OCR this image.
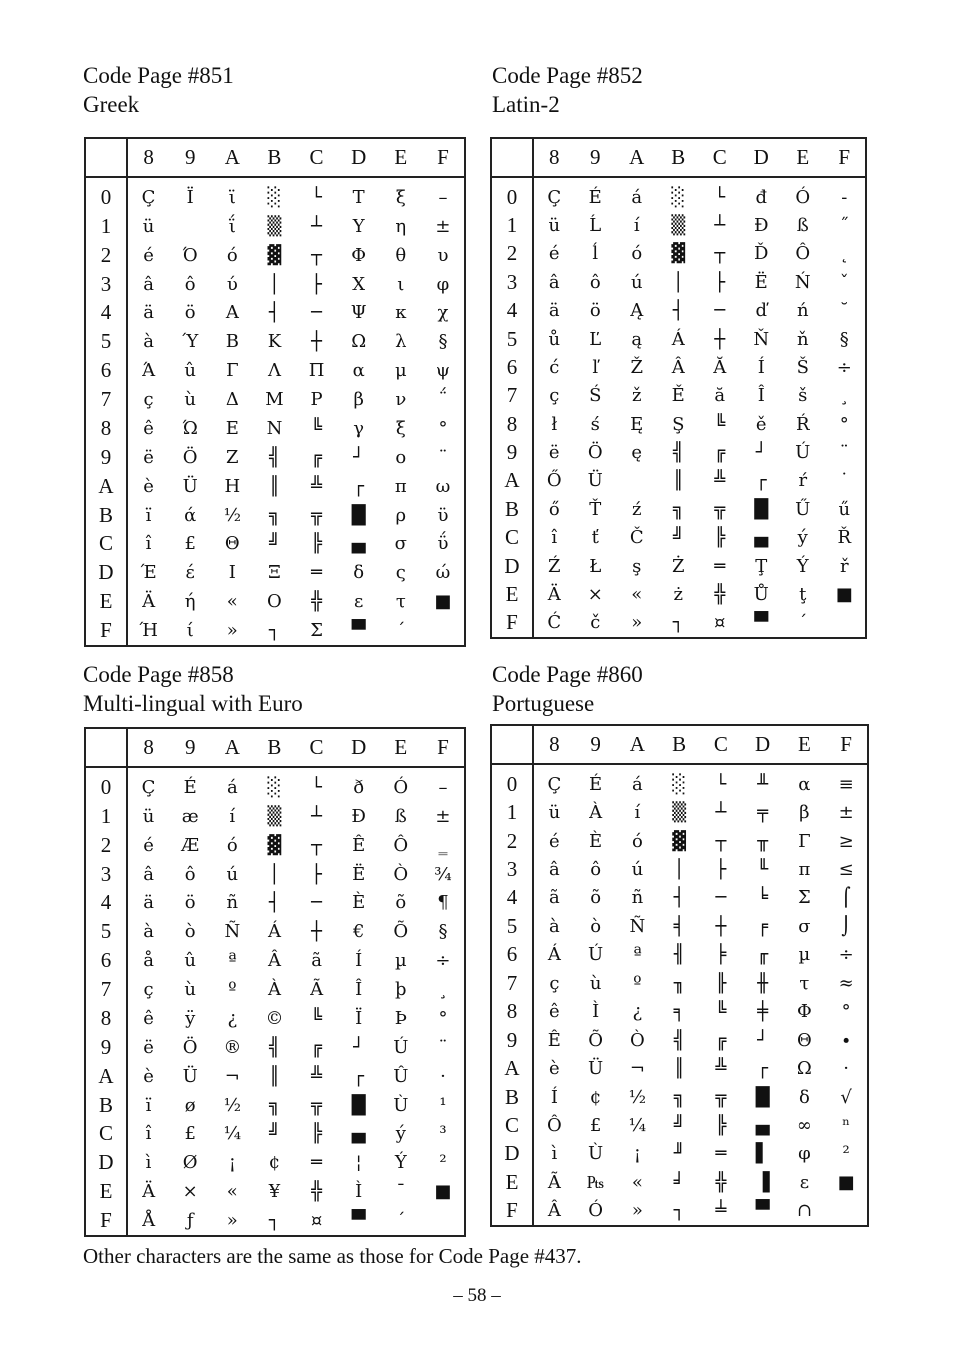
Code Page #851
Greek
	8	9	A	B	C	D	E	F
0	Ç	Ϊ	ϊ	░	└	Τ	ξ	–
1	ü		ΐ	▒	┴	Υ	η	±
2	é	Ό	ό	▓	┬	Φ	θ	υ
3	â	ô	ύ	│	├	Χ	ι	φ
4	ä	ö	Α	┤	─	Ψ	κ	χ
5	à	Ύ	Β	Κ	┼	Ω	λ	§
6	Ά	û	Γ	Λ	Π	α	μ	ψ
7	ç	ù	Δ	Μ	Ρ	β	ν	΅
8	ê	Ώ	Ε	Ν	╚	γ	ξ	°
9	ë	Ö	Ζ	╣	╔	┘	ο	¨
A	è	Ü	Η	║	╩	┌	π	ω
B	ï	ά	½	╗	╦	█	ρ	ϋ
C	î	£	Θ	╝	╠	▄	σ	ΰ
D	Έ	έ	Ι	Ξ	═	δ	ς	ώ
E	Ä	ή	«	Ο	╬	ε	τ	■
F	Ή	ί	»	┐	Σ	▀	΄	
Code Page #852
Latin-2
	8	9	A	B	C	D	E	F
0	Ç	É	á	░	└	đ	Ó	-
1	ü	Ĺ	í	▒	┴	Đ	ß	˝
2	é	ĺ	ó	▓	┬	Ď	Ô	˛
3	â	ô	ú	│	├	Ë	Ń	ˇ
4	ä	ö	Ą	┤	─	ď	ń	˘
5	ů	Ľ	ą	Á	┼	Ň	ň	§
6	ć	ľ	Ž	Â	Ă	Í	Š	÷
7	ç	Ś	ž	Ě	ă	Î	š	¸
8	ł	ś	Ę	Ş	╚	ě	Ŕ	°
9	ë	Ö	ę	╣	╔	┘	Ú	¨
A	Ő	Ü		║	╩	┌	ŕ	˙
B	ő	Ť	ź	╗	╦	█	Ű	ű
C	î	ť	Č	╝	╠	▄	ý	Ř
D	Ź	Ł	ş	Ż	═	Ţ	Ý	ř
E	Ä	×	«	ż	╬	Ů	ţ	■
F	Ć	č	»	┐	¤	▀	´	
Code Page #858
Multi-lingual with Euro
	8	9	A	B	C	D	E	F
0	Ç	É	á	░	└	ð	Ó	–
1	ü	æ	í	▒	┴	Ð	ß	±
2	é	Æ	ó	▓	┬	Ê	Ô	‗
3	â	ô	ú	│	├	Ë	Ò	¾
4	ä	ö	ñ	┤	─	È	õ	¶
5	à	ò	Ñ	Á	┼	€	Õ	§
6	å	û	ª	Â	ã	Í	µ	÷
7	ç	ù	º	À	Ã	Î	þ	¸
8	ê	ÿ	¿	©	╚	Ï	Þ	°
9	ë	Ö	®	╣	╔	┘	Ú	¨
A	è	Ü	¬	║	╩	┌	Û	·
B	ï	ø	½	╗	╦	█	Ù	¹
C	î	£	¼	╝	╠	▄	ý	³
D	ì	Ø	¡	¢	═	¦	Ý	²
E	Ä	×	«	¥	╬	Ì	¯	■
F	Å	ƒ	»	┐	¤	▀	´	
Code Page #860
Portuguese
	8	9	A	B	C	D	E	F
0	Ç	É	á	░	└	╨	α	≡
1	ü	À	í	▒	┴	╤	β	±
2	é	È	ó	▓	┬	╥	Γ	≥
3	â	ô	ú	│	├	╙	π	≤
4	ã	õ	ñ	┤	─	╘	Σ	⌠
5	à	ò	Ñ	╡	┼	╒	σ	⌡
6	Á	Ú	ª	╢	╞	╓	µ	÷
7	ç	ù	º	╖	╟	╫	τ	≈
8	ê	Ì	¿	╕	╚	╪	Φ	°
9	Ê	Õ	Ò	╣	╔	┘	Θ	∙
A	è	Ü	¬	║	╩	┌	Ω	·
B	Í	¢	½	╗	╦	█	δ	√
C	Ô	£	¼	╝	╠	▄	∞	ⁿ
D	ì	Ù	¡	╜	═	▌	φ	²
E	Ã	₧	«	╛	╬	▐	ε	■
F	Â	Ó	»	┐	╧	▀	∩	
Other characters are the same as those for Code Page #437.
– 58 –
